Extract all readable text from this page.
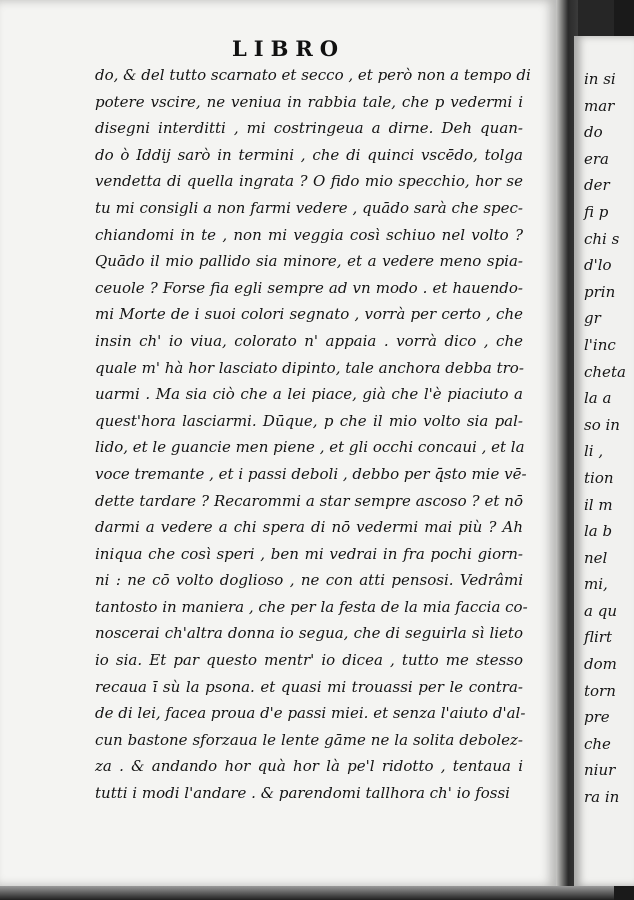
LIBRO
do, & del tutto scarnato et secco , et però non a tempo di
potere vscire, ne veniua in rabbia tale, che p vedermi i
disegni interditti , mi costringeua a dirne. Deh quan-
do ò Iddij sarò in termini , che di quinci vscēdo, tolga
vendetta di quella ingrata ? O fido mio specchio, hor se
tu mi consigli a non farmi vedere , quādo sarà che spec-
chiandomi in te , non mi veggia così schiuo nel volto ?
Quādo il mio pallido sia minore, et a vedere meno spia-
ceuole ? Forse fia egli sempre ad vn modo . et hauendo-
mi Morte de i suoi colori segnato , vorrà per certo , che
insin ch' io viua, colorato n' appaia . vorrà dico , che
quale m' hà hor lasciato dipinto, tale anchora debba tro-
uarmi . Ma sia ciò che a lei piace, già che l'è piaciuto a
quest'hora lasciarmi. Dūque, p che il mio volto sia pal-
lido, et le guancie men piene , et gli occhi concaui , et la
voce tremante , et i passi deboli , debbo per q̄sto mie vē-
dette tardare ? Recarommi a star sempre ascoso ? et nō
darmi a vedere a chi spera di nō vedermi mai più ? Ah
iniqua che così speri , ben mi vedrai in fra pochi giorn-
ni : ne cō volto doglioso , ne con atti pensosi. Vedrâmi
tantosto in maniera , che per la festa de la mia faccia co-
noscerai ch'altra donna io segua, che di seguirla sì lieto
io sia. Et par questo mentr' io dicea , tutto me stesso
recaua ī sù la psona. et quasi mi trouassi per le contra-
de di lei, facea proua d'e passi miei. et senza l'aiuto d'al-
cun bastone sforzaua le lente gāme ne la solita debolez-
za . & andando hor quà hor là pe'l ridotto , tentaua i
tutti i modi l'andare . & parendomi tallhora ch' io fossi
in si
mar
do
era
der
fi p
chi s
d'lo
prin
gr
l'inc
cheta
la a
so in
li ,
tion
il m
la b
nel
mi,
a qu
flirt
dom
torn
pre
che
niur
ra in
